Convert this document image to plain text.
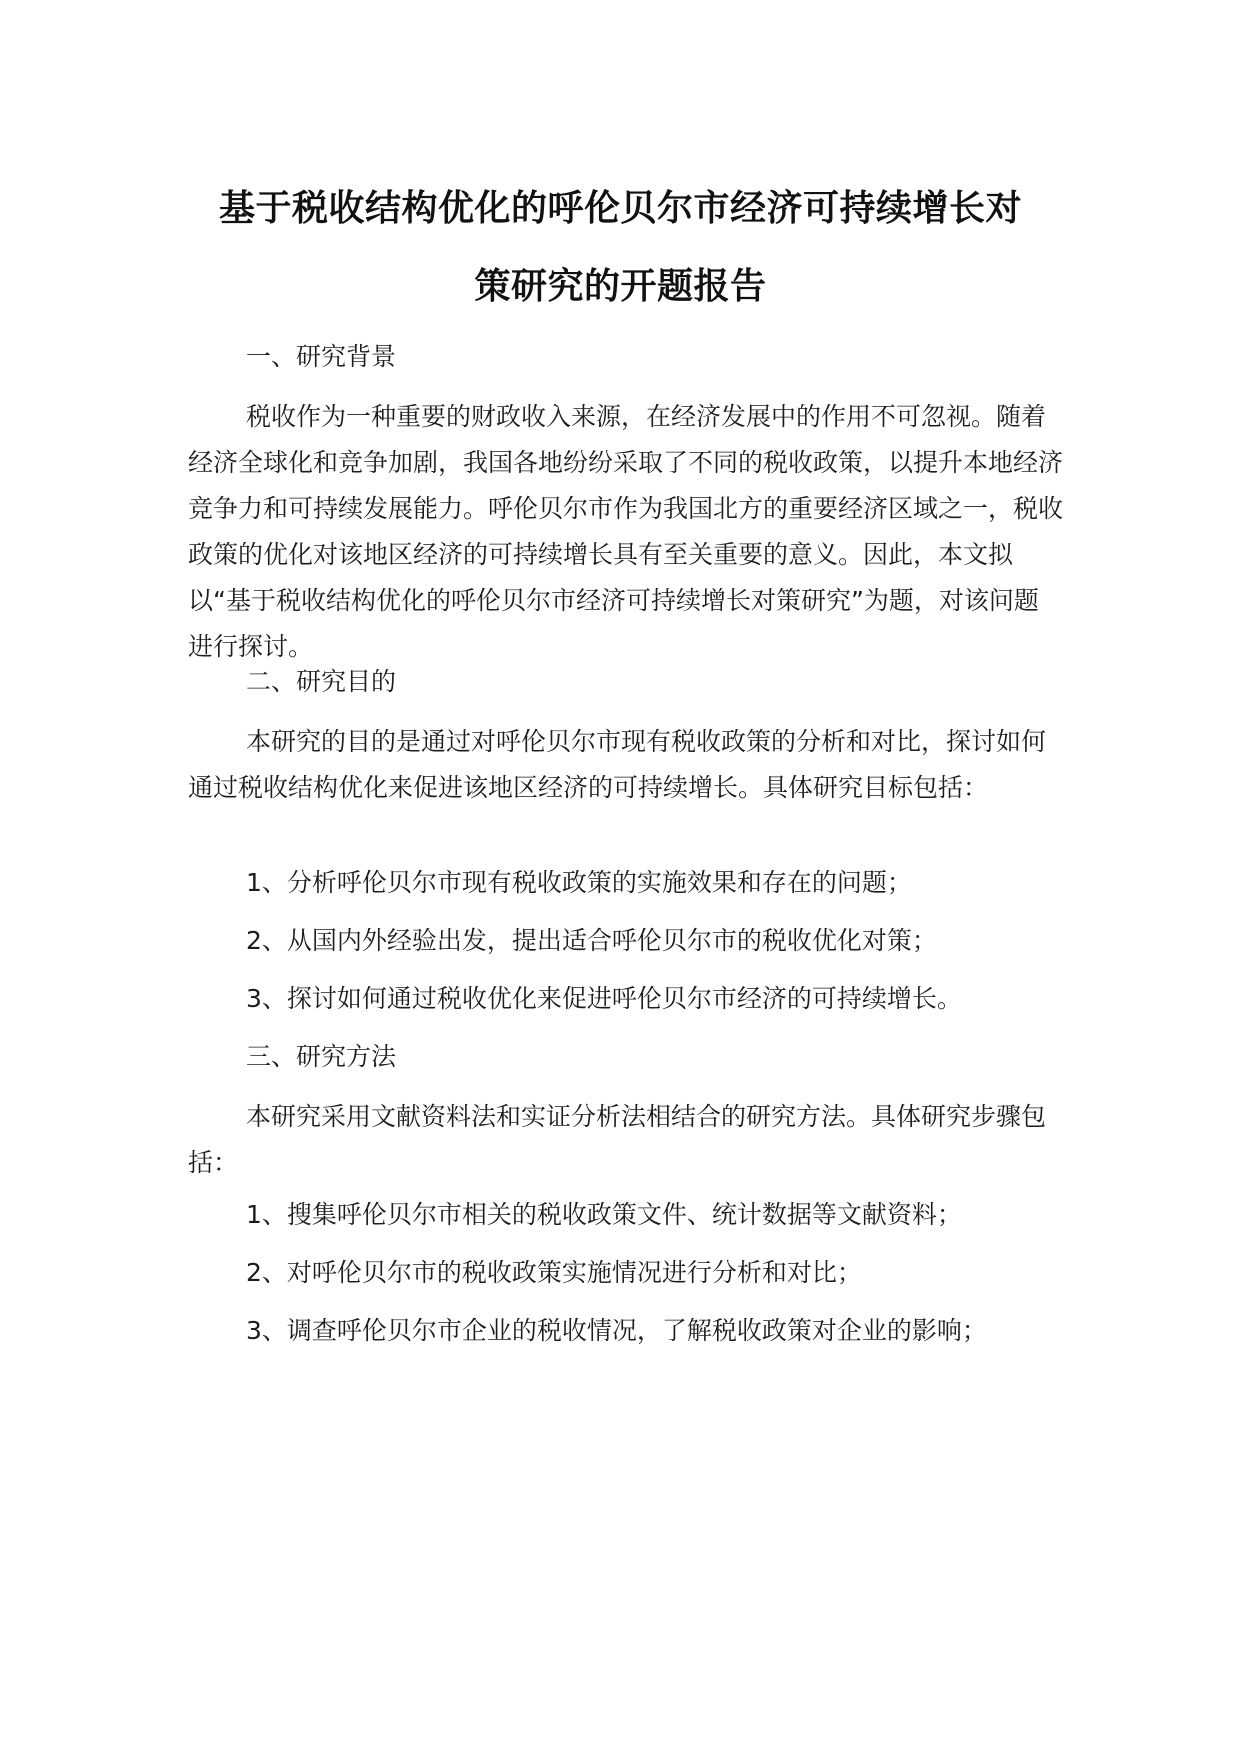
基于税收结构优化的呼伦贝尔市经济可持续增长对
策研究的开题报告
一、研究背景
税收作为一种重要的财政收入来源，在经济发展中的作用不可忽视。随着经济全球化和竞争加剧，我国各地纷纷采取了不同的税收政策，以提升本地经济竞争力和可持续发展能力。呼伦贝尔市作为我国北方的重要经济区域之一，税收政策的优化对该地区经济的可持续增长具有至关重要的意义。因此，本文拟以“基于税收结构优化的呼伦贝尔市经济可持续增长对策研究”为题，对该问题进行探讨。
二、研究目的
本研究的目的是通过对呼伦贝尔市现有税收政策的分析和对比，探讨如何通过税收结构优化来促进该地区经济的可持续增长。具体研究目标包括：
1、分析呼伦贝尔市现有税收政策的实施效果和存在的问题；
2、从国内外经验出发，提出适合呼伦贝尔市的税收优化对策；
3、探讨如何通过税收优化来促进呼伦贝尔市经济的可持续增长。
三、研究方法
本研究采用文献资料法和实证分析法相结合的研究方法。具体研究步骤包括：
1、搜集呼伦贝尔市相关的税收政策文件、统计数据等文献资料；
2、对呼伦贝尔市的税收政策实施情况进行分析和对比；
3、调查呼伦贝尔市企业的税收情况，了解税收政策对企业的影响；
